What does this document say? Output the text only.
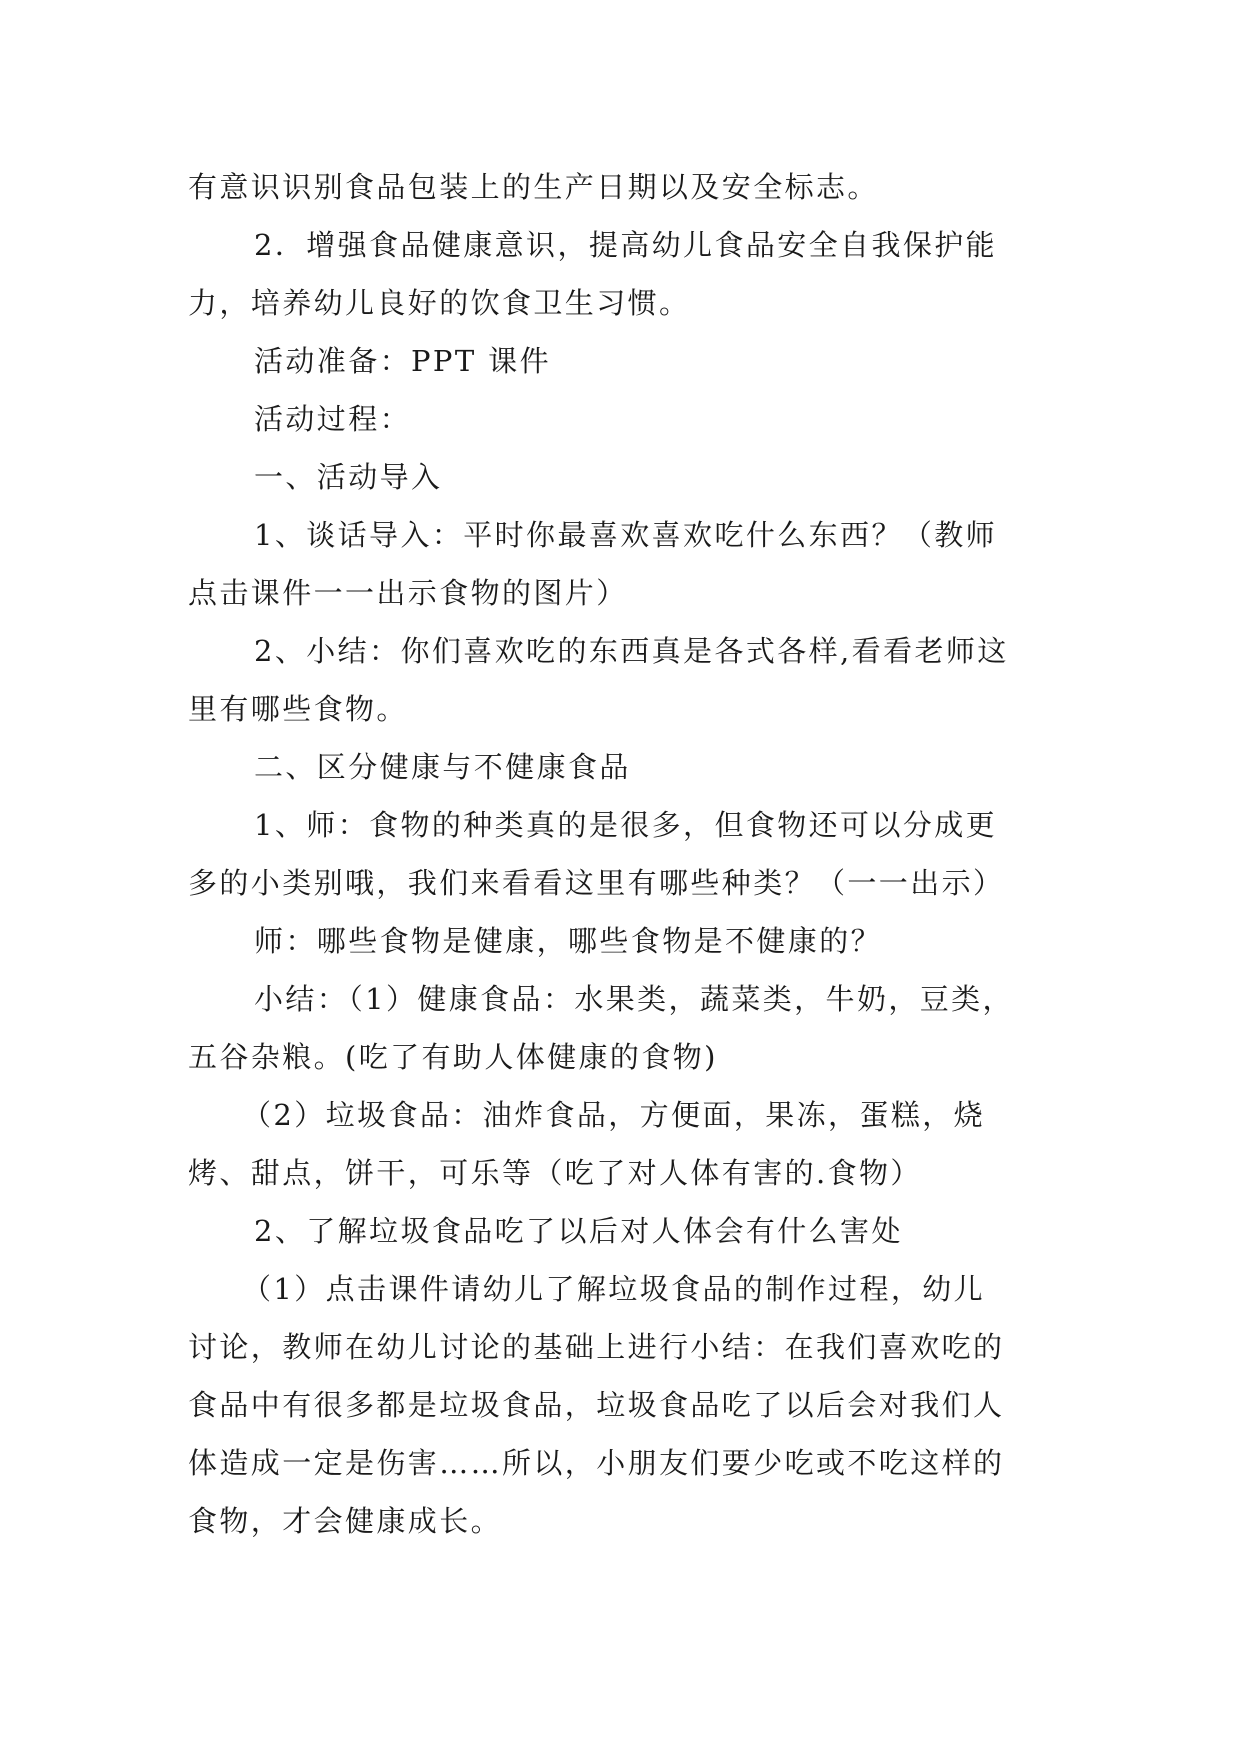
有意识识别食品包装上的生产日期以及安全标志。
2．增强食品健康意识，提高幼儿食品安全自我保护能
力，培养幼儿良好的饮食卫生习惯。
活动准备：PPT 课件
活动过程：
一、活动导入
1、谈话导入：平时你最喜欢喜欢吃什么东西？（教师
点击课件一一出示食物的图片）
2、小结：你们喜欢吃的东西真是各式各样,看看老师这
里有哪些食物。
二、区分健康与不健康食品
1、师：食物的种类真的是很多，但食物还可以分成更
多的小类别哦，我们来看看这里有哪些种类？（一一出示）
师：哪些食物是健康，哪些食物是不健康的？
小结：（1）健康食品：水果类，蔬菜类，牛奶，豆类，
五谷杂粮。(吃了有助人体健康的食物)
（2）垃圾食品：油炸食品，方便面，果冻，蛋糕，烧
烤、甜点，饼干，可乐等（吃了对人体有害的.食物）
2、了解垃圾食品吃了以后对人体会有什么害处
（1）点击课件请幼儿了解垃圾食品的制作过程，幼儿
讨论，教师在幼儿讨论的基础上进行小结：在我们喜欢吃的
食品中有很多都是垃圾食品，垃圾食品吃了以后会对我们人
体造成一定是伤害……所以，小朋友们要少吃或不吃这样的
食物，才会健康成长。
